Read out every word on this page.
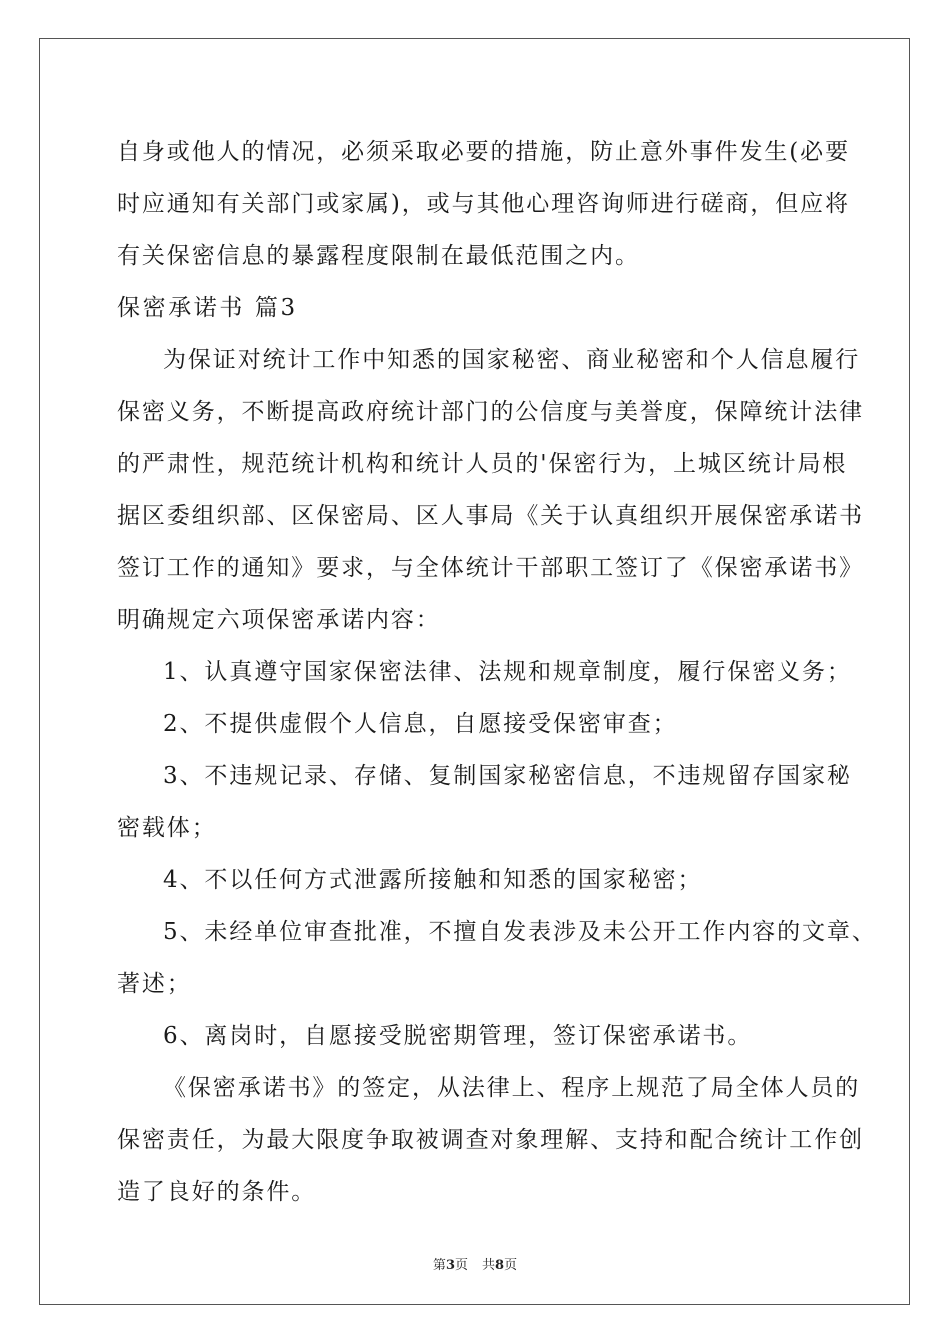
自身或他人的情况，必须采取必要的措施，防止意外事件发生(必要
时应通知有关部门或家属)，或与其他心理咨询师进行磋商，但应将
有关保密信息的暴露程度限制在最低范围之内。
保密承诺书 篇3
为保证对统计工作中知悉的国家秘密、商业秘密和个人信息履行
保密义务，不断提高政府统计部门的公信度与美誉度，保障统计法律
的严肃性，规范统计机构和统计人员的'保密行为，上城区统计局根
据区委组织部、区保密局、区人事局《关于认真组织开展保密承诺书
签订工作的通知》要求，与全体统计干部职工签订了《保密承诺书》
明确规定六项保密承诺内容：
1、认真遵守国家保密法律、法规和规章制度，履行保密义务；
2、不提供虚假个人信息，自愿接受保密审查；
3、不违规记录、存储、复制国家秘密信息，不违规留存国家秘
密载体；
4、不以任何方式泄露所接触和知悉的国家秘密；
5、未经单位审查批准，不擅自发表涉及未公开工作内容的文章、
著述；
6、离岗时，自愿接受脱密期管理，签订保密承诺书。
《保密承诺书》的签定，从法律上、程序上规范了局全体人员的
保密责任，为最大限度争取被调查对象理解、支持和配合统计工作创
造了良好的条件。
第3页 共8页
